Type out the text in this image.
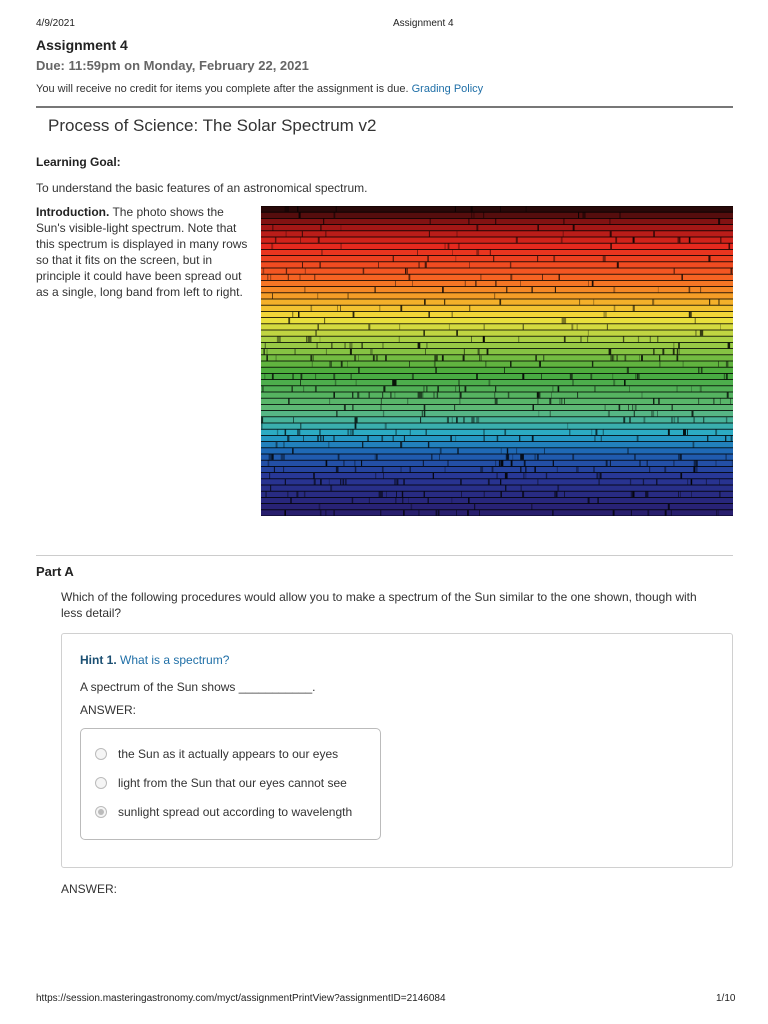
4/9/2021	Assignment 4
Assignment 4
Due: 11:59pm on Monday, February 22, 2021
You will receive no credit for items you complete after the assignment is due. Grading Policy
Process of Science: The Solar Spectrum v2
Learning Goal:
To understand the basic features of an astronomical spectrum.
Introduction. The photo shows the Sun's visible-light spectrum. Note that this spectrum is displayed in many rows so that it fits on the screen, but in principle it could have been spread out as a single, long band from left to right.
Part A
Which of the following procedures would allow you to make a spectrum of the Sun similar to the one shown, though with less detail?
Hint 1. What is a spectrum?
A spectrum of the Sun shows ___________.
ANSWER:
the Sun as it actually appears to our eyes
light from the Sun that our eyes cannot see
sunlight spread out according to wavelength
ANSWER:
https://session.masteringastronomy.com/myct/assignmentPrintView?assignmentID=2146084	1/10
